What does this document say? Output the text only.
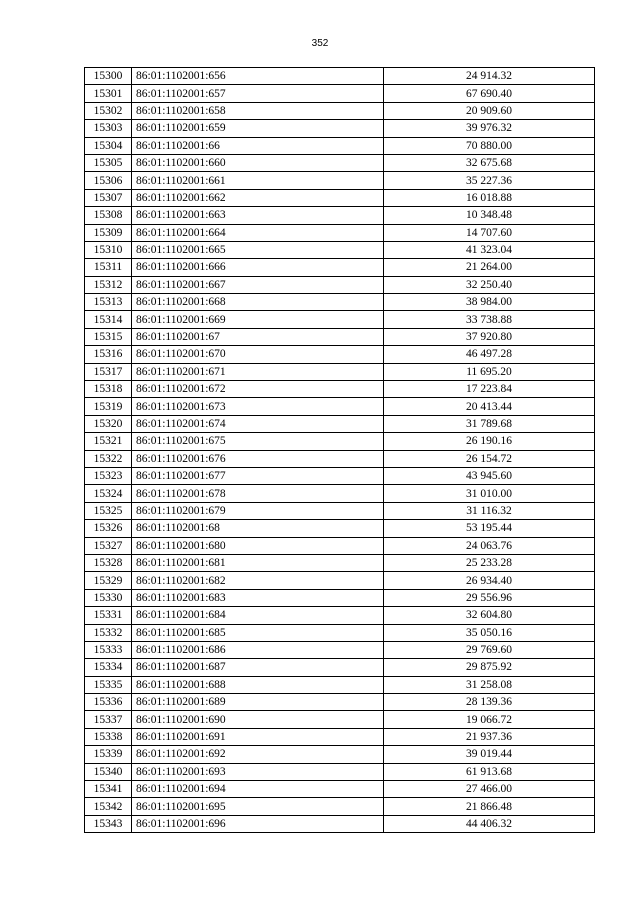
352
15300	86:01:1102001:656	24 914.32
15301	86:01:1102001:657	67 690.40
15302	86:01:1102001:658	20 909.60
15303	86:01:1102001:659	39 976.32
15304	86:01:1102001:66	70 880.00
15305	86:01:1102001:660	32 675.68
15306	86:01:1102001:661	35 227.36
15307	86:01:1102001:662	16 018.88
15308	86:01:1102001:663	10 348.48
15309	86:01:1102001:664	14 707.60
15310	86:01:1102001:665	41 323.04
15311	86:01:1102001:666	21 264.00
15312	86:01:1102001:667	32 250.40
15313	86:01:1102001:668	38 984.00
15314	86:01:1102001:669	33 738.88
15315	86:01:1102001:67	37 920.80
15316	86:01:1102001:670	46 497.28
15317	86:01:1102001:671	11 695.20
15318	86:01:1102001:672	17 223.84
15319	86:01:1102001:673	20 413.44
15320	86:01:1102001:674	31 789.68
15321	86:01:1102001:675	26 190.16
15322	86:01:1102001:676	26 154.72
15323	86:01:1102001:677	43 945.60
15324	86:01:1102001:678	31 010.00
15325	86:01:1102001:679	31 116.32
15326	86:01:1102001:68	53 195.44
15327	86:01:1102001:680	24 063.76
15328	86:01:1102001:681	25 233.28
15329	86:01:1102001:682	26 934.40
15330	86:01:1102001:683	29 556.96
15331	86:01:1102001:684	32 604.80
15332	86:01:1102001:685	35 050.16
15333	86:01:1102001:686	29 769.60
15334	86:01:1102001:687	29 875.92
15335	86:01:1102001:688	31 258.08
15336	86:01:1102001:689	28 139.36
15337	86:01:1102001:690	19 066.72
15338	86:01:1102001:691	21 937.36
15339	86:01:1102001:692	39 019.44
15340	86:01:1102001:693	61 913.68
15341	86:01:1102001:694	27 466.00
15342	86:01:1102001:695	21 866.48
15343	86:01:1102001:696	44 406.32
